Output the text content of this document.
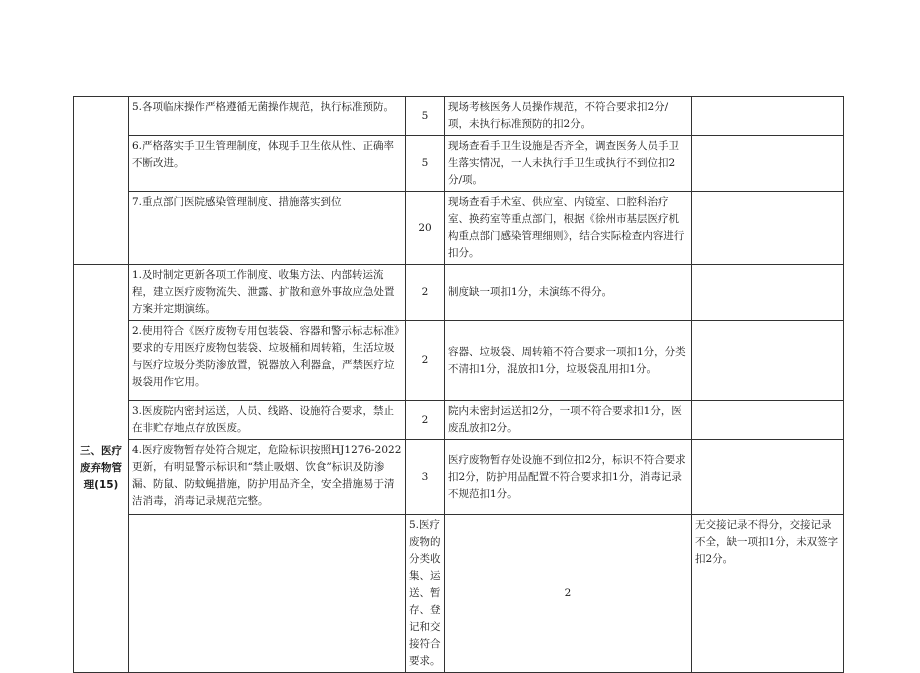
	5.各项临床操作严格遵循无菌操作规范，执行标准预防。	5	现场考核医务人员操作规范，不符合要求扣2分/项，未执行标准预防的扣2分。		
	6.严格落实手卫生管理制度，体现手卫生依从性、正确率不断改进。	5	现场查看手卫生设施是否齐全，调查医务人员手卫生落实情况，一人未执行手卫生或执行不到位扣2分/项。		
	7.重点部门医院感染管理制度、措施落实到位	20	现场查看手术室、供应室、内镜室、口腔科治疗室、换药室等重点部门，根据《徐州市基层医疗机构重点部门感染管理细则》，结合实际检查内容进行扣分。		
三、医疗废弃物管理(15)	1.及时制定更新各项工作制度、收集方法、内部转运流程，建立医疗废物流失、泄露、扩散和意外事故应急处置方案并定期演练。	2	制度缺一项扣1分，未演练不得分。		
	2.使用符合《医疗废物专用包装袋、容器和警示标志标准》要求的专用医疗废物包装袋、垃圾桶和周转箱，生活垃圾与医疗垃圾分类防渗放置，锐器放入利器盒，严禁医疗垃圾袋用作它用。	2	容器、垃圾袋、周转箱不符合要求一项扣1分，分类不清扣1分，混放扣1分，垃圾袋乱用扣1分。		
	3.医废院内密封运送，人员、线路、设施符合要求，禁止在非贮存地点存放医废。	2	院内未密封运送扣2分，一项不符合要求扣1分，医废乱放扣2分。		
	4.医疗废物暂存处符合规定，危险标识按照HJ1276-2022更新，有明显警示标识和“禁止吸烟、饮食”标识及防渗漏、防鼠、防蚊蝇措施，防护用品齐全，安全措施易于清洁消毒，消毒记录规范完整。	3	医疗废物暂存处设施不到位扣2分，标识不符合要求扣2分，防护用品配置不符合要求扣1分，消毒记录不规范扣1分。		
		5.医疗废物的分类收集、运送、暂存、登记和交接符合要求。	2	无交接记录不得分，交接记录不全，缺一项扣1分，未双签字扣2分。	
